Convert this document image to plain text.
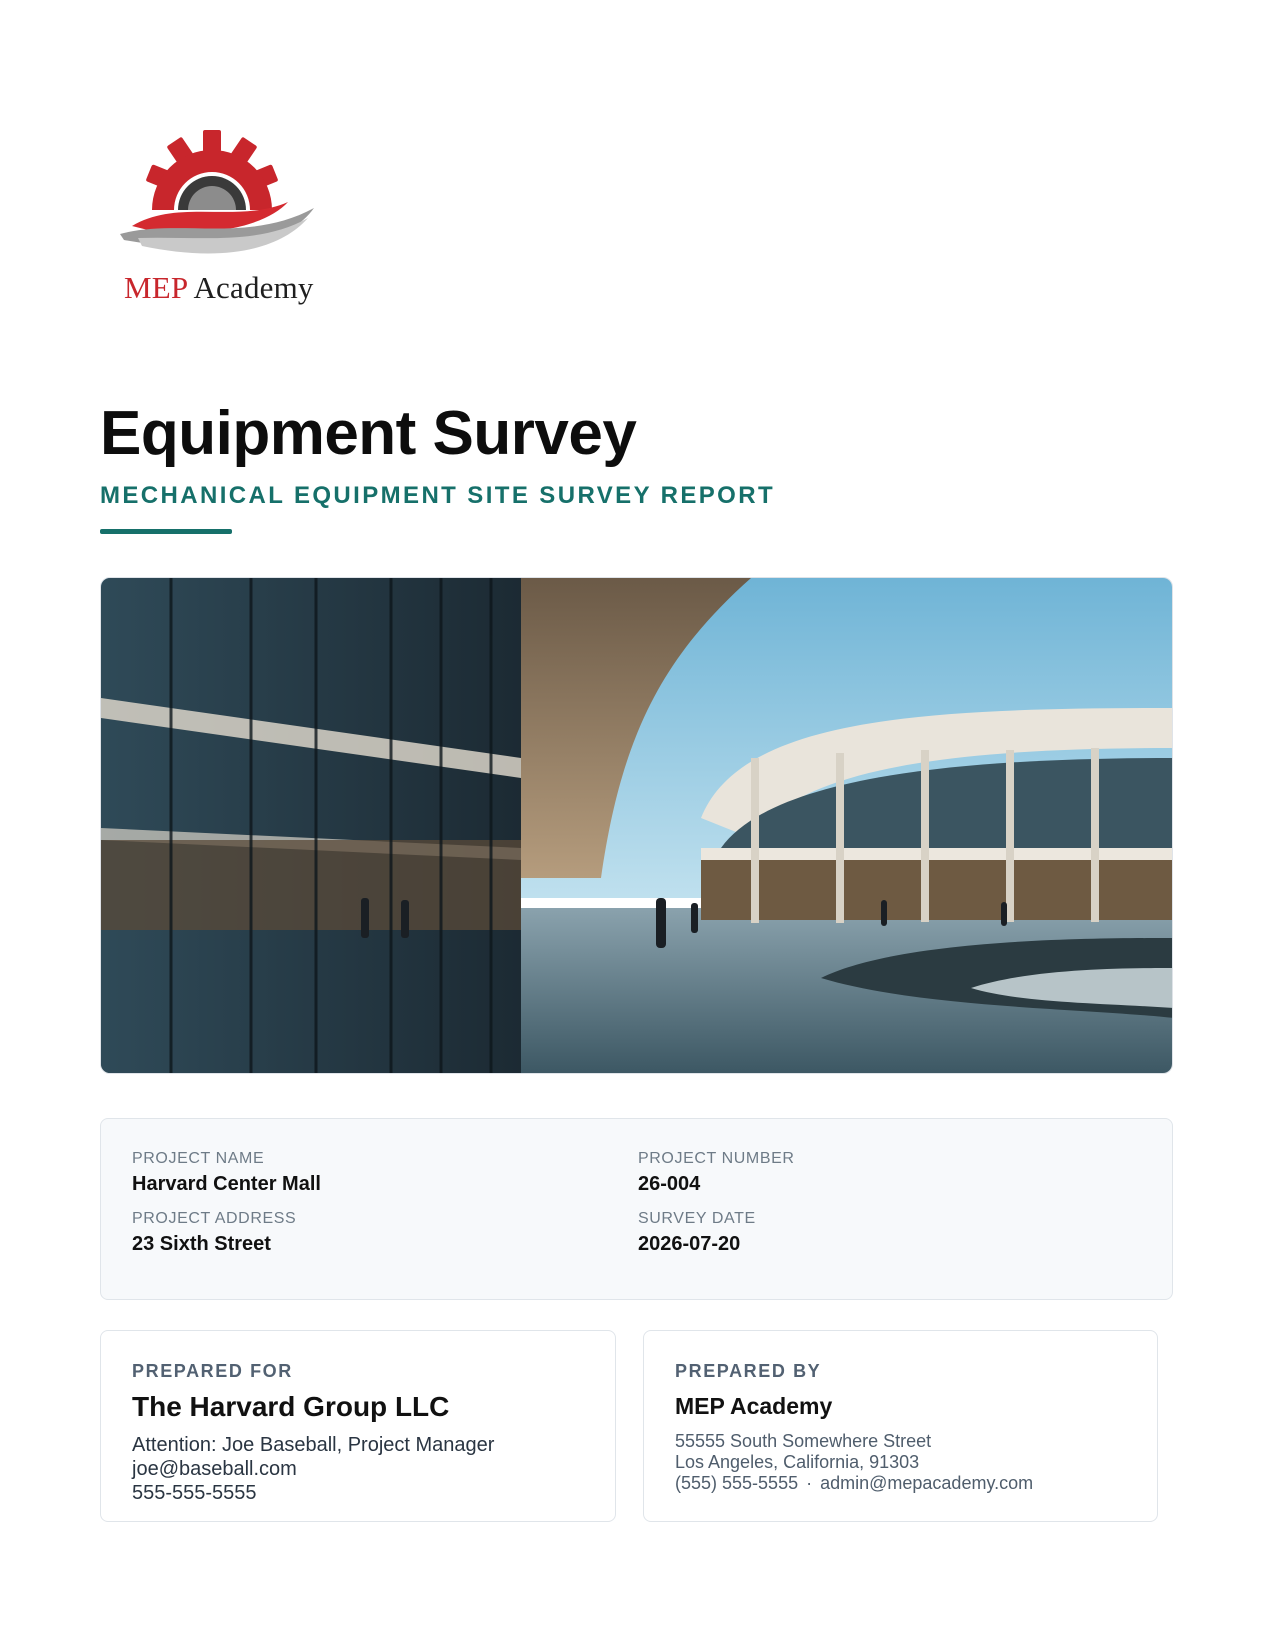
MEP Academy
Equipment Survey
MECHANICAL EQUIPMENT SITE SURVEY REPORT
PROJECT NAME
Harvard Center Mall
PROJECT NUMBER
26-004
PROJECT ADDRESS
23 Sixth Street
SURVEY DATE
2026-07-20
PREPARED FOR
The Harvard Group LLC
Attention: Joe Baseball, Project Manager
joe@baseball.com
555-555-5555
PREPARED BY
MEP Academy
55555 South Somewhere Street
Los Angeles, California, 91303
(555) 555-5555 · admin@mepacademy.com
